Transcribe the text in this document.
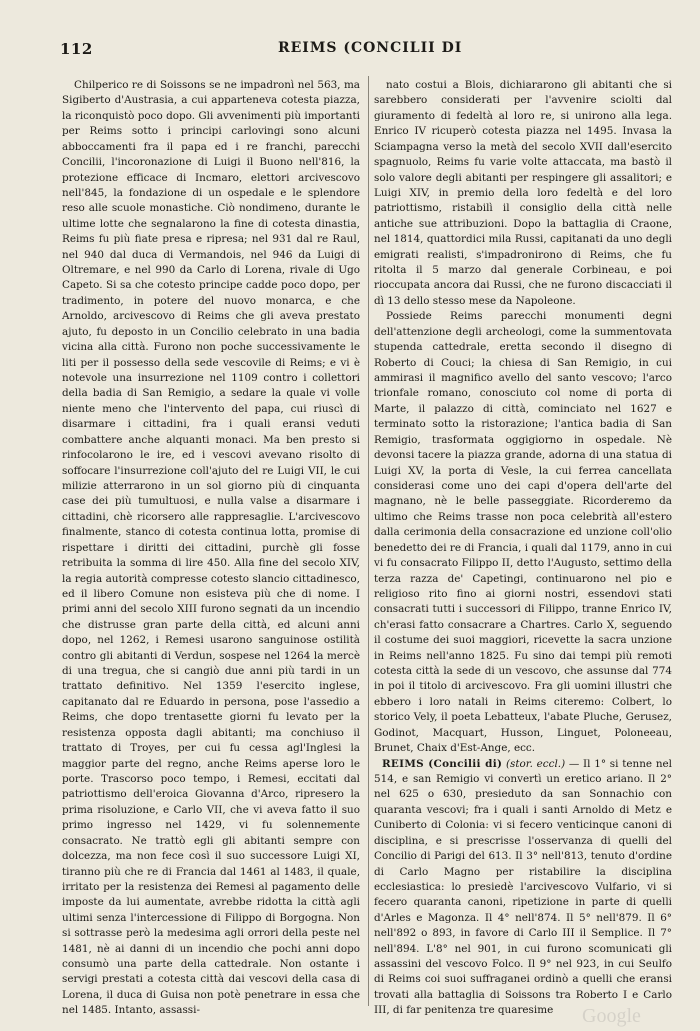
112	REIMS (CONCILII DI

Chilperico re di Soissons se ne impadronì nel 563, ma Sigiberto d'Austrasia, a cui apparteneva cotesta piazza, la riconquistò poco dopo. Gli avvenimenti più importanti per Reims sotto i principi carlovingi sono alcuni abboccamenti fra il papa ed i re franchi, parecchi Concilii, l'incoronazione di Luigi il Buono nell'816, la protezione efficace di Incmaro, elettori arcivescovo nell'845, la fondazione di un ospedale e le splendore reso alle scuole monastiche. Ciò nondimeno, durante le ultime lotte che segnalarono la fine di cotesta dinastia, Reims fu più fiate presa e ripresa; nel 931 dal re Raul, nel 940 dal duca di Vermandois, nel 946 da Luigi di Oltremare, e nel 990 da Carlo di Lorena, rivale di Ugo Capeto. Si sa che cotesto principe cadde poco dopo, per tradimento, in potere del nuovo monarca, e che Arnoldo, arcivescovo di Reims che gli aveva prestato ajuto, fu deposto in un Concilio celebrato in una badia vicina alla città. Furono non poche successivamente le liti per il possesso della sede vescovile di Reims; e vi è notevole una insurrezione nel 1109 contro i collettori della badia di San Remigio, a sedare la quale vi volle niente meno che l'intervento del papa, cui riuscì di disarmare i cittadini, fra i quali eransi veduti combattere anche alquanti monaci. Ma ben presto si rinfocolarono le ire, ed i vescovi avevano risolto di soffocare l'insurrezione coll'ajuto del re Luigi VII, le cui milizie atterrarono in un sol giorno più di cinquanta case dei più tumultuosi, e nulla valse a disarmare i cittadini, chè ricorsero alle rappresaglie. L'arcivescovo finalmente, stanco di cotesta continua lotta, promise di rispettare i diritti dei cittadini, purchè gli fosse retribuita la somma di lire 450. Alla fine del secolo XIV, la regia autorità compresse cotesto slancio cittadinesco, ed il libero Comune non esisteva più che di nome. I primi anni del secolo XIII furono segnati da un incendio che distrusse gran parte della città, ed alcuni anni dopo, nel 1262, i Remesi usarono sanguinose ostilità contro gli abitanti di Verdun, sospese nel 1264 la mercè di una tregua, che si cangiò due anni più tardi in un trattato definitivo. Nel 1359 l'esercito inglese, capitanato dal re Eduardo in persona, pose l'assedio a Reims, che dopo trentasette giorni fu levato per la resistenza opposta dagli abitanti; ma conchiuso il trattato di Troyes, per cui fu cessa agl'Inglesi la maggior parte del regno, anche Reims aperse loro le porte. Trascorso poco tempo, i Remesi, eccitati dal patriottismo dell'eroica Giovanna d'Arco, ripresero la prima risoluzione, e Carlo VII, che vi aveva fatto il suo primo ingresso nel 1429, vi fu solennemente consacrato. Ne trattò egli gli abitanti sempre con dolcezza, ma non fece così il suo successore Luigi XI, tiranno più che re di Francia dal 1461 al 1483, il quale, irritato per la resistenza dei Remesi al pagamento delle imposte da lui aumentate, avrebbe ridotta la città agli ultimi senza l'intercessione di Filippo di Borgogna. Non si sottrasse però la medesima agli orrori della peste nel 1481, nè ai danni di un incendio che pochi anni dopo consumò una parte della cattedrale. Non ostante i servigi prestati a cotesta città dai vescovi della casa di Lorena, il duca di Guisa non potè penetrare in essa che nel 1485. Intanto, assassi-

nato costui a Blois, dichiararono gli abitanti che si sarebbero considerati per l'avvenire sciolti dal giuramento di fedeltà al loro re, si unirono alla lega. Enrico IV ricuperò cotesta piazza nel 1495. Invasa la Sciampagna verso la metà del secolo XVII dall'esercito spagnuolo, Reims fu varie volte attaccata, ma bastò il solo valore degli abitanti per respingere gli assalitori; e Luigi XIV, in premio della loro fedeltà e del loro patriottismo, ristabilì il consiglio della città nelle antiche sue attribuzioni. Dopo la battaglia di Craone, nel 1814, quattordici mila Russi, capitanati da uno degli emigrati realisti, s'impadronirono di Reims, che fu ritolta il 5 marzo dal generale Corbineau, e poi rioccupata ancora dai Russi, che ne furono discacciati il dì 13 dello stesso mese da Napoleone.

Possiede Reims parecchi monumenti degni dell'attenzione degli archeologi, come la summentovata stupenda cattedrale, eretta secondo il disegno di Roberto di Couci; la chiesa di San Remigio, in cui ammirasi il magnifico avello del santo vescovo; l'arco trionfale romano, conosciuto col nome di porta di Marte, il palazzo di città, cominciato nel 1627 e terminato sotto la ristorazione; l'antica badia di San Remigio, trasformata oggigiorno in ospedale. Nè devonsi tacere la piazza grande, adorna di una statua di Luigi XV, la porta di Vesle, la cui ferrea cancellata considerasi come uno dei capi d'opera dell'arte del magnano, nè le belle passeggiate. Ricorderemo da ultimo che Reims trasse non poca celebrità all'estero dalla cerimonia della consacrazione ed unzione coll'olio benedetto dei re di Francia, i quali dal 1179, anno in cui vi fu consacrato Filippo II, detto l'Augusto, settimo della terza razza de' Capetingi, continuarono nel pio e religioso rito fino ai giorni nostri, essendovi stati consacrati tutti i successori di Filippo, tranne Enrico IV, ch'erasi fatto consacrare a Chartres. Carlo X, seguendo il costume dei suoi maggiori, ricevette la sacra unzione in Reims nell'anno 1825. Fu sino dai tempi più remoti cotesta città la sede di un vescovo, che assunse dal 774 in poi il titolo di arcivescovo. Fra gli uomini illustri che ebbero i loro natali in Reims citeremo: Colbert, lo storico Vely, il poeta Lebatteux, l'abate Pluche, Gerusez, Godinot, Macquart, Husson, Linguet, Poloneeau, Brunet, Chaix d'Est-Ange, ecc.

REIMS (Concilii di) (stor. eccl.) — Il 1° si tenne nel 514, e san Remigio vi convertì un eretico ariano. Il 2° nel 625 o 630, presieduto da san Sonnachio con quaranta vescovi; fra i quali i santi Arnoldo di Metz e Cuniberto di Colonia: vi si fecero venticinque canoni di disciplina, e si prescrisse l'osservanza di quelli del Concilio di Parigi del 613. Il 3° nell'813, tenuto d'ordine di Carlo Magno per ristabilire la disciplina ecclesiastica: lo presiedè l'arcivescovo Vulfario, vi si fecero quaranta canoni, ripetizione in parte di quelli d'Arles e Magonza. Il 4° nell'874. Il 5° nell'879. Il 6° nell'892 o 893, in favore di Carlo III il Semplice. Il 7° nell'894. L'8° nel 901, in cui furono scomunicati gli assassini del vescovo Folco. Il 9° nel 923, in cui Seulfo di Reims coi suoi suffraganei ordinò a quelli che eransi trovati alla battaglia di Soissons tra Roberto I e Carlo III, di far penitenza tre quaresime	Google
